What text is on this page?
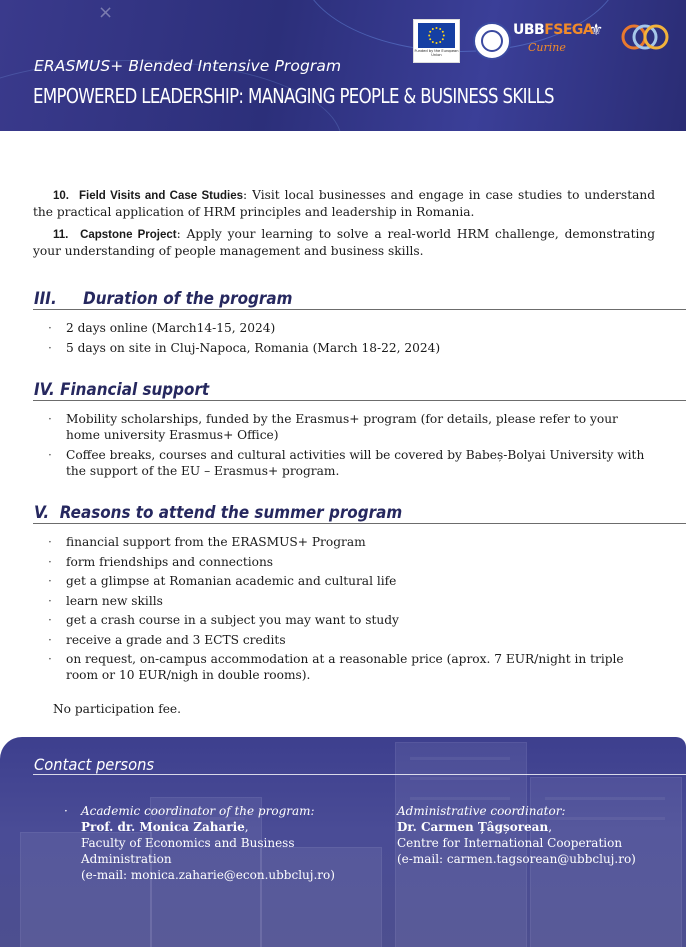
×
Funded by the European Union
UBBFSEGA
Curine
⚜
ERASMUS+ Blended Intensive Program
EMPOWERED LEADERSHIP: MANAGING PEOPLE & BUSINESS SKILLS

10. Field Visits and Case Studies: Visit local businesses and engage in case studies to understand the practical application of HRM principles and leadership in Romania.

11. Capstone Project: Apply your learning to solve a real-world HRM challenge, demonstrating your understanding of people management and business skills.

III.     Duration of the program
· 2 days online (March14-15, 2024)
· 5 days on site in Cluj-Napoca, Romania (March 18-22, 2024)
IV. Financial support
· Mobility scholarships, funded by the Erasmus+ program (for details, please refer to your home university Erasmus+ Office)
· Coffee breaks, courses and cultural activities will be covered by Babeș-Bolyai University with the support of the EU – Erasmus+ program.
V.  Reasons to attend the summer program
· financial support from the ERASMUS+ Program
· form friendships and connections
· get a glimpse at Romanian academic and cultural life
· learn new skills
· get a crash course in a subject you may want to study
· receive a grade and 3 ECTS credits
· on request, on-campus accommodation at a reasonable price (aprox. 7 EUR/night in triple room or 10 EUR/nigh in double rooms).
No participation fee.
Contact persons
· Academic coordinator of the program:
Prof. dr. Monica Zaharie,
Faculty of Economics and Business
Administration
(e-mail: monica.zaharie@econ.ubbcluj.ro)
Administrative coordinator:
Dr. Carmen Țâgșorean,
Centre for International Cooperation
(e-mail: carmen.tagsorean@ubbcluj.ro)
